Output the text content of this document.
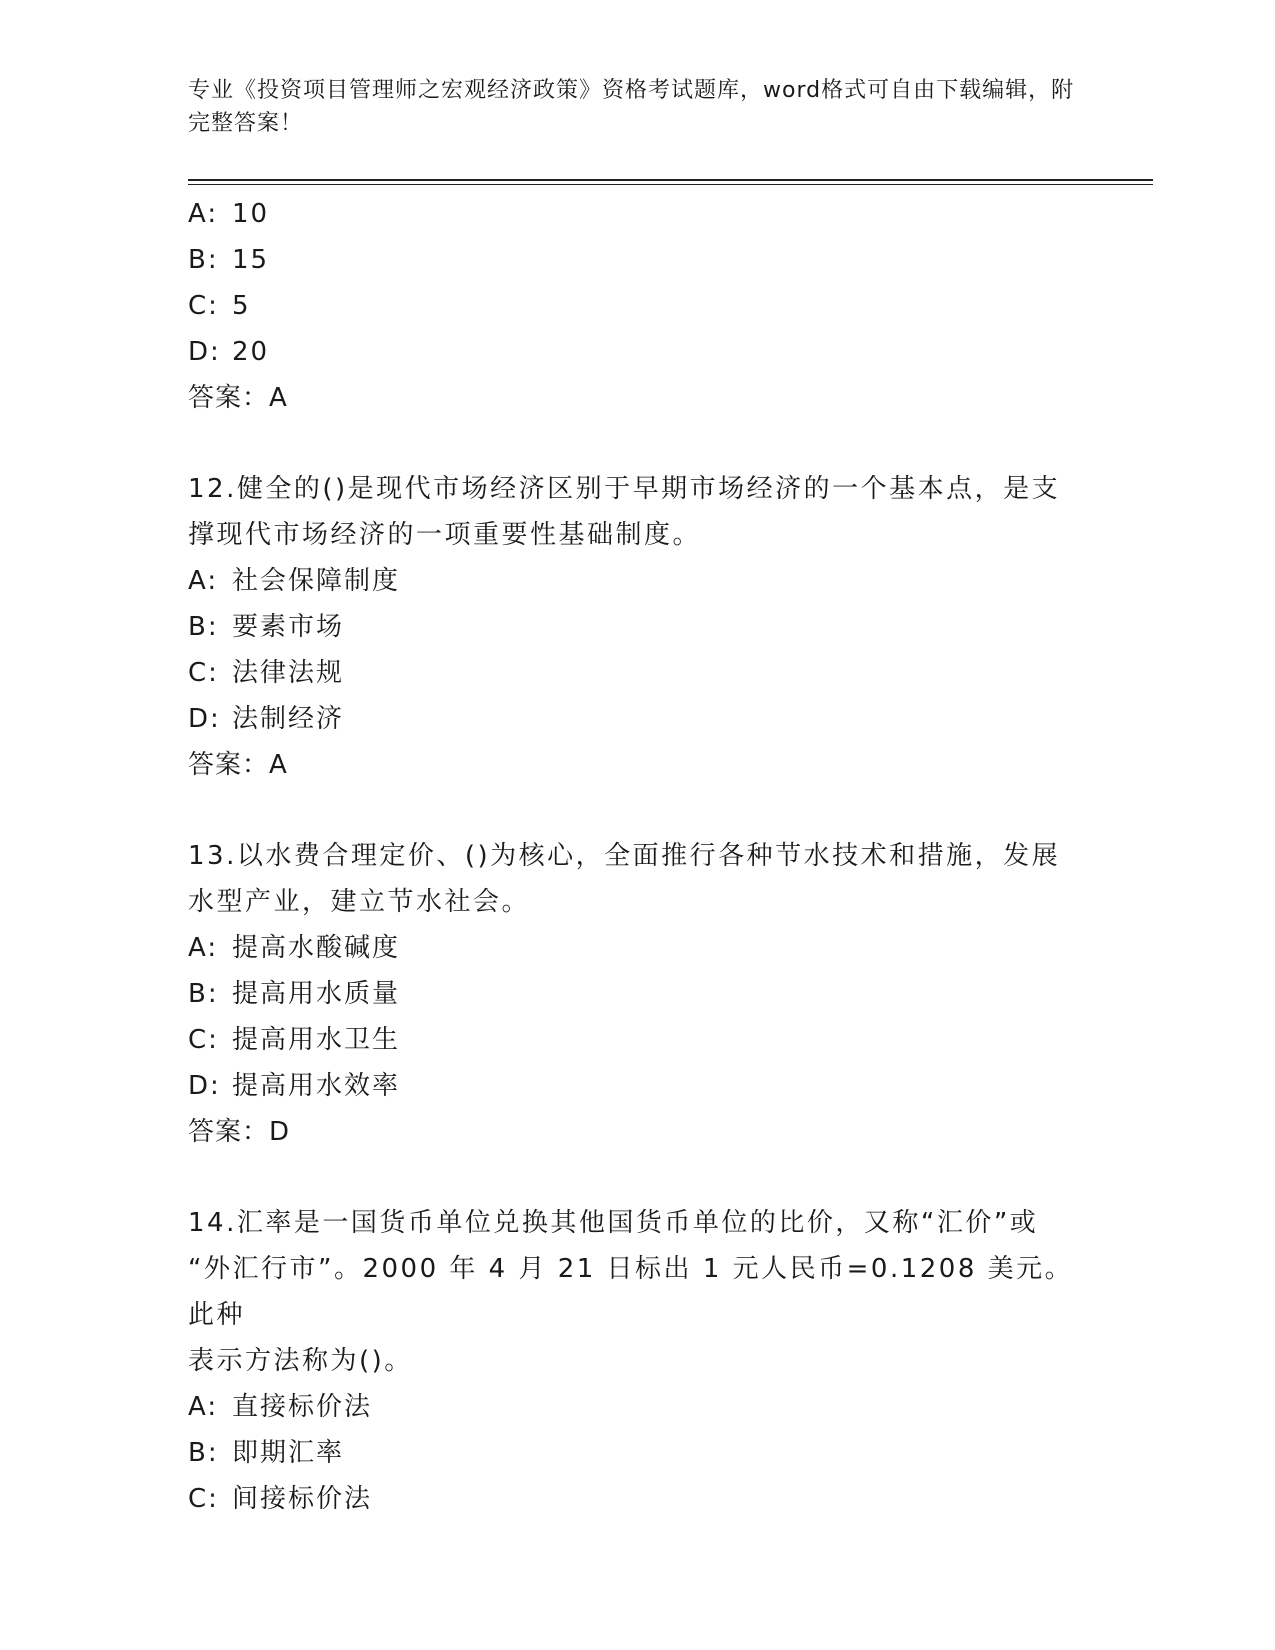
专业《投资项目管理师之宏观经济政策》资格考试题库，word格式可自由下载编辑，附完整答案！
A: 10
B: 15
C: 5
D: 20
答案：A
12.健全的()是现代市场经济区别于早期市场经济的一个基本点，是支
撑现代市场经济的一项重要性基础制度。
A: 社会保障制度
B: 要素市场
C: 法律法规
D: 法制经济
答案：A
13.以水费合理定价、()为核心，全面推行各种节水技术和措施，发展
水型产业，建立节水社会。
A: 提高水酸碱度
B: 提高用水质量
C: 提高用水卫生
D: 提高用水效率
答案：D
14.汇率是一国货币单位兑换其他国货币单位的比价，又称“汇价”或
“外汇行市”。2000 年 4 月 21 日标出 1 元人民币=0.1208 美元。此种
表示方法称为()。
A: 直接标价法
B: 即期汇率
C: 间接标价法
